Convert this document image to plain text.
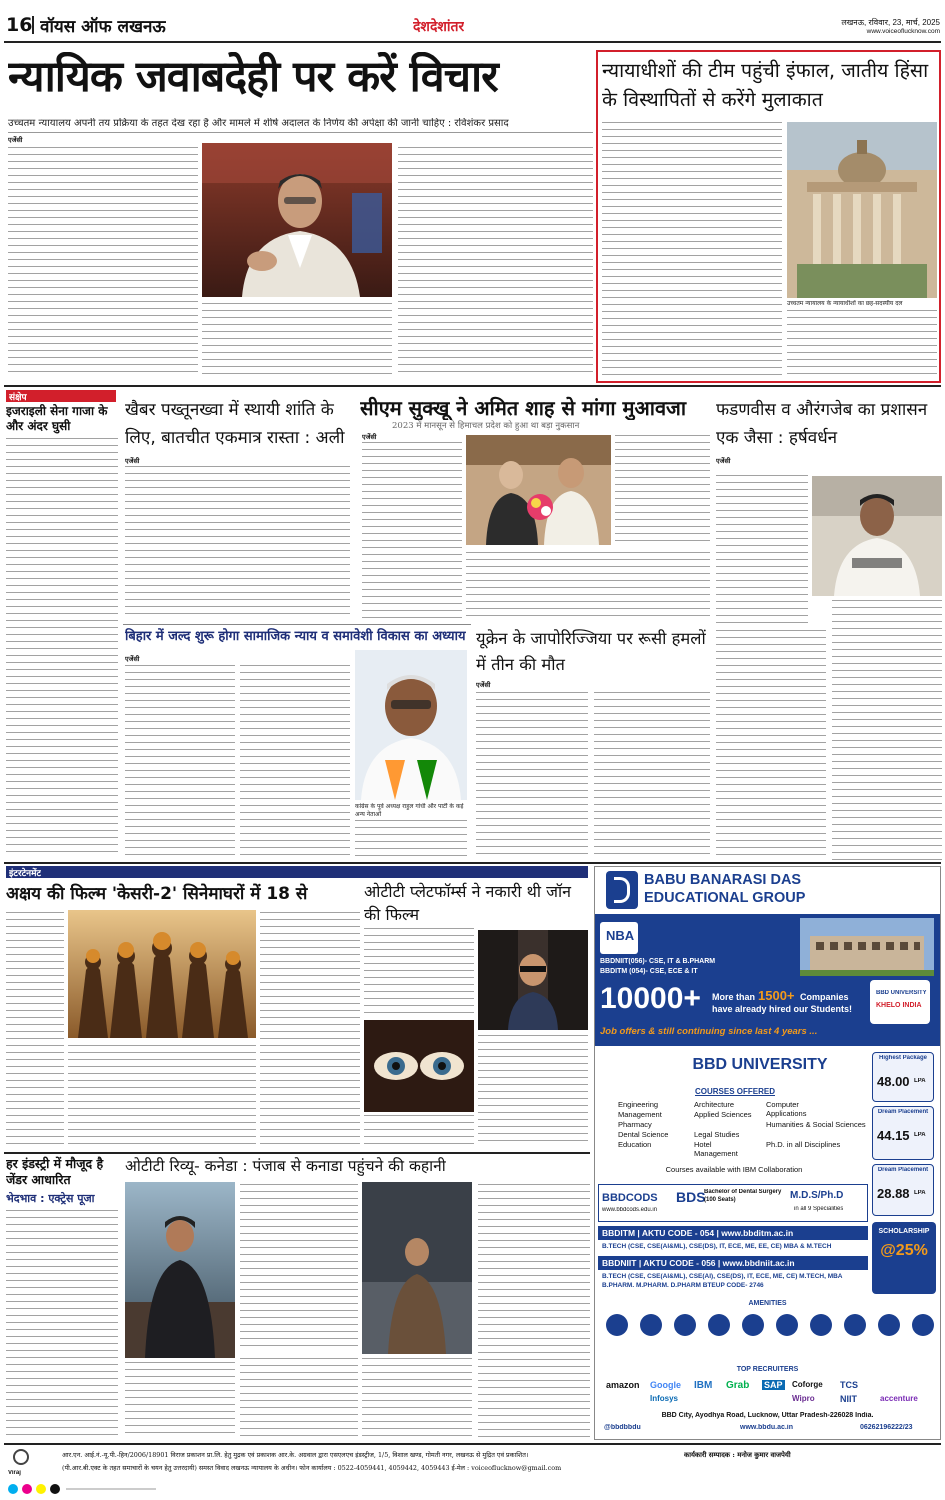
16 वॉयस ऑफ लखनऊ	देशदेशांतर	लखनऊ, रविवार, 23, मार्च, 2025
www.voiceoflucknow.com
न्यायिक जवाबदेही पर करें विचार
उच्चतम न्यायालय अपनी तय प्रक्रिया के तहत देख रहा है और मामले में शीर्ष अदालत के निर्णय की अपेक्षा की जानी चाहिए : रविशंकर प्रसाद
एजेंसी
न्यायाधीशों की टीम पहुंची इंफाल, जातीय हिंसा के विस्थापितों से करेंगे मुलाकात
उच्चतम न्यायालय के न्यायाधीशों का छह-सदस्यीय दल
संक्षेप
इजराइली सेना गाजा के और अंदर घुसी
खैबर पख्तूनख्वा में स्थायी शांति के लिए, बातचीत एकमात्र रास्ता : अली
एजेंसी
सीएम सुक्खू ने अमित शाह से मांगा मुआवजा
2023 में मानसून से हिमाचल प्रदेश को हुआ था बड़ा नुकसान
एजेंसी
फडणवीस व औरंगजेब का प्रशासन एक जैसा : हर्षवर्धन
एजेंसी
बिहार में जल्द शुरू होगा सामाजिक न्याय व समावेशी विकास का अध्याय
एजेंसी
कांग्रेस के पूर्व अध्यक्ष राहुल गांधी और पार्टी के कई अन्य नेताओं
यूक्रेन के जापोरिज्जिया पर रूसी हमलों में तीन की मौत
एजेंसी
इंटरटेनमेंट
अक्षय की फिल्म 'केसरी-2' सिनेमाघरों में 18 से	ओटीटी प्लेटफॉर्म्स ने नकारी थी जॉन की फिल्म
हर इंडस्ट्री में मौजूद है जेंडर आधारित
भेदभाव : एक्ट्रेस पूजा
ओटीटी रिव्यू- कनेडा : पंजाब से कनाडा पहुंचने की कहानी
BABU BANARASI DAS
EDUCATIONAL GROUP
NBA
BBDNIIT(056)- CSE, IT & B.PHARM
BBDITM (054)- CSE, ECE & IT
10000+ More than 1500+ Companies
have already hired our Students!
BBD UNIVERSITY
KHELO INDIA
Job offers & still continuing since last 4 years ...
BBD UNIVERSITY
COURSES OFFERED
Engineering
Management
Pharmacy
Dental Science
Education
Architecture
Applied Sciences
Legal Studies
Hotel Management
Computer Applications
Humanities & Social Sciences
Ph.D. in all Disciplines
Courses available with IBM Collaboration
Highest Package
48.00 LPA
Dream Placement
44.15 LPA
Dream Placement
28.88 LPA
BBDCODS
www.bbdcods.edu.in
BDS
Bachelor of Dental Surgery (100 Seats)	M.D.S/Ph.D
in all 9 Specialities
BBDITM | AKTU CODE - 054 | www.bbditm.ac.in
B.TECH (CSE, CSE(AI&ML), CSE(DS), IT, ECE, ME, EE, CE) MBA & M.TECH
BBDNIIT | AKTU CODE - 056 | www.bbdniit.ac.in
B.TECH (CSE, CSE(AI&ML), CSE(AI), CSE(DS), IT, ECE, ME, CE) M.TECH, MBA B.PHARM. M.PHARM. D.PHARM BTEUP CODE- 2746
SCHOLARSHIP
@25%
AMENITIES
TOP RECRUITERS
amazon Google
Infosys
IBM Grab SAP Coforge
Wipro
TCS
NIIT	accenture
BBD City, Ayodhya Road, Lucknow, Uttar Pradesh-226028 India.
@bbdbbdu	www.bbdu.ac.in	06262196222/23
Viraj
आर.एन. आई.नं.-यू.पी.-हिन/2006/18901 विराज प्रकाशन प्रा.लि. हेतु मुद्रक एवं प्रकाशक आर.के. अग्रवाल द्वारा एसएलएच इंडस्ट्रीज, 1/5, विशाल खण्ड, गोमती नगर, लखनऊ से मुद्रित एवं प्रकाशित।	कार्यकारी सम्पादक : मनोज कुमार वाजपेयी
(पी.आर.बी.एक्ट के तहत समाचारों के चयन हेतु उत्तरदायी) समस्त विवाद लखनऊ न्यायालय के अधीन। फोन कार्यालय : 0522-4059441, 4059442, 4059443 ई-मेल : voiceoflucknow@gmail.com
